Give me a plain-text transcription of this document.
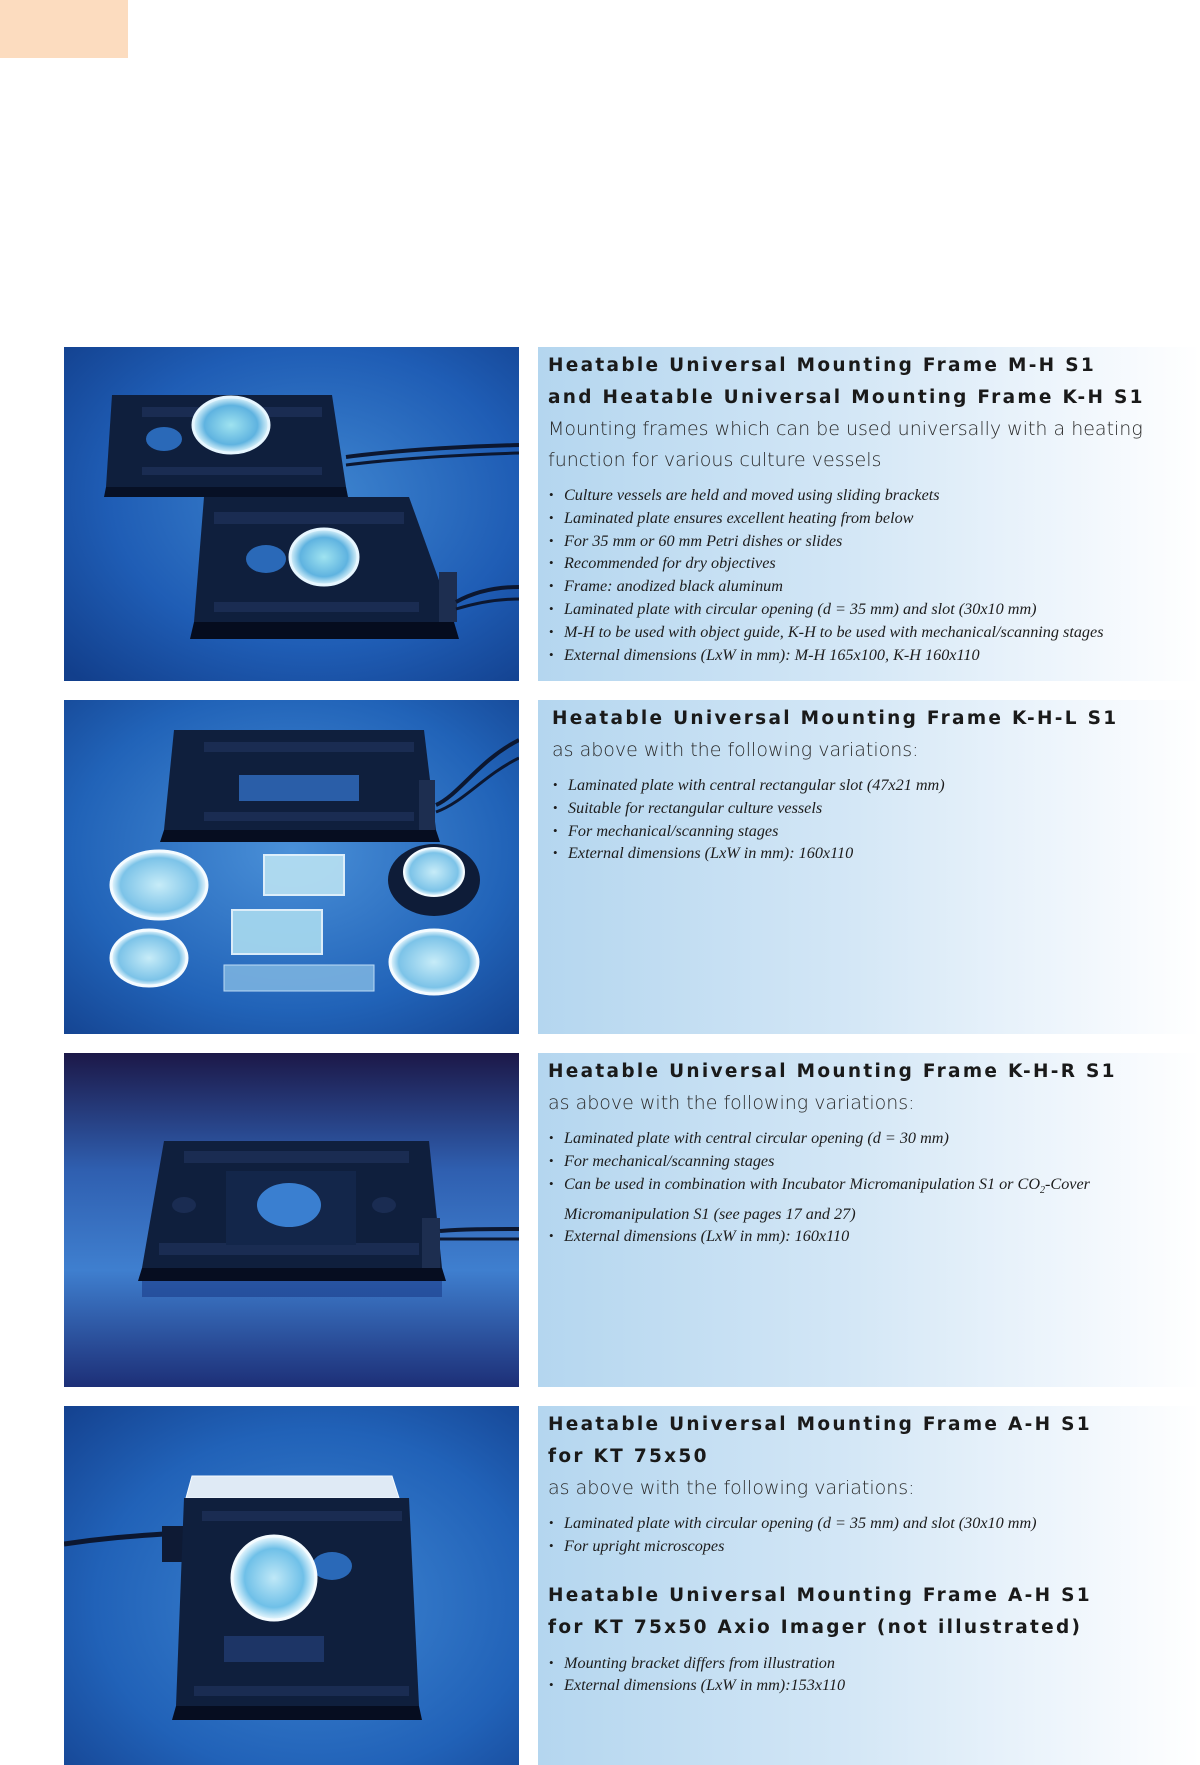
Heatable Universal Mounting Frame M-H S1

and Heatable Universal Mounting Frame K-H S1

Mounting frames which can be used universally with a heating

function for various culture vessels

• Culture vessels are held and moved using sliding brackets
• Laminated plate ensures excellent heating from below
• For 35 mm or 60 mm Petri dishes or slides
• Recommended for dry objectives
• Frame: anodized black aluminum
• Laminated plate with circular opening (d = 35 mm) and slot (30x10 mm)
• M-H to be used with object guide, K-H to be used with mechanical/scanning stages
• External dimensions (LxW in mm): M-H 165x100, K-H 160x110

Heatable Universal Mounting Frame K-H-L S1

as above with the following variations:

• Laminated plate with central rectangular slot (47x21 mm)
• Suitable for rectangular culture vessels
• For mechanical/scanning stages
• External dimensions (LxW in mm): 160x110

Heatable Universal Mounting Frame K-H-R S1

as above with the following variations:

• Laminated plate with central circular opening (d = 30 mm)
• For mechanical/scanning stages
• Can be used in combination with Incubator Micromanipulation S1 or $CO_2$-Cover
Micromanipulation S1 (see pages 17 and 27)
• External dimensions (LxW in mm): 160x110

Heatable Universal Mounting Frame A-H S1

for KT 75x50

as above with the following variations:

• Laminated plate with circular opening (d = 35 mm) and slot (30x10 mm)
• For upright microscopes

Heatable Universal Mounting Frame A-H S1

for KT 75x50 Axio Imager (not illustrated)

• Mounting bracket differs from illustration
• External dimensions (LxW in mm):153x110
